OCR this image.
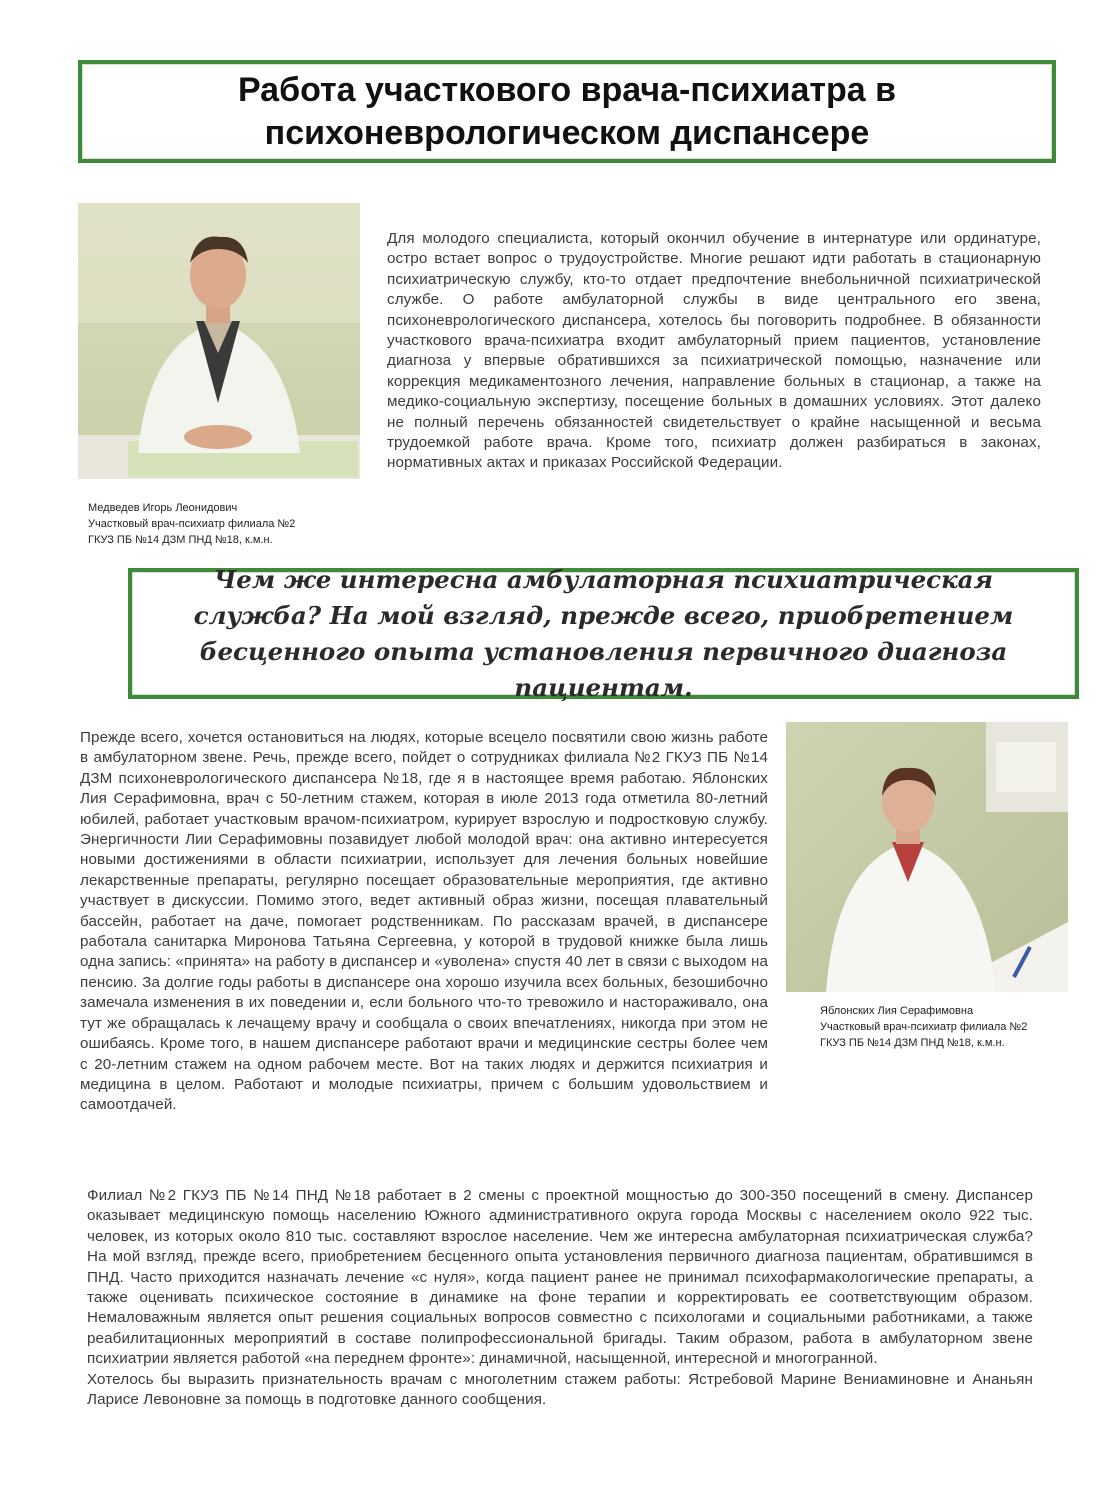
Работа участкового врача-психиатра в
психоневрологическом диспансере
Медведев Игорь Леонидович
Участковый врач-психиатр филиала №2
ГКУЗ ПБ №14 ДЗМ ПНД №18, к.м.н.
Для молодого специалиста, который окончил обучение в интернатуре или ординатуре, остро встает вопрос о трудоустройстве. Многие решают идти работать в стационарную психиатрическую службу, кто-то отдает предпочтение внебольничной психиатрической службе. О работе амбулаторной службы в виде центрального его звена, психоневрологического диспансера, хотелось бы поговорить подробнее. В обязанности участкового врача-психиатра входит амбулаторный прием пациентов, установление диагноза у впервые обратившихся за психиатрической помощью, назначение или коррекция медикаментозного лечения, направление больных в стационар, а также на медико-социальную экспертизу, посещение больных в домашних условиях. Этот далеко не полный перечень обязанностей свидетельствует о крайне насыщенной и весьма трудоемкой работе врача. Кроме того, психиатр должен разбираться в законах, нормативных актах и приказах Российской Федерации.

Чем же интересна амбулаторная психиатрическая служба? На мой взгляд, прежде всего, приобретением бесценного опыта установления первичного диагноза пациентам.

Прежде всего, хочется остановиться на людях, которые всецело посвятили свою жизнь работе в амбулаторном звене. Речь, прежде всего, пойдет о сотрудниках филиала №2 ГКУЗ ПБ №14 ДЗМ психоневрологического диспансера №18, где я в настоящее время работаю. Яблонских Лия Серафимовна, врач с 50-летним стажем, которая в июле 2013 года отметила 80-летний юбилей, работает участковым врачом-психиатром, курирует взрослую и подростковую службу. Энергичности Лии Серафимовны позавидует любой молодой врач: она активно интересуется новыми достижениями в области психиатрии, использует для лечения больных новейшие лекарственные препараты, регулярно посещает образовательные мероприятия, где активно участвует в дискуссии. Помимо этого, ведет активный образ жизни, посещая плавательный бассейн, работает на даче, помогает родственникам. По рассказам врачей, в диспансере работала санитарка Миронова Татьяна Сергеевна, у которой в трудовой книжке была лишь одна запись: «принята» на работу в диспансер и «уволена» спустя 40 лет в связи с выходом на пенсию. За долгие годы работы в диспансере она хорошо изучила всех больных, безошибочно замечала изменения в их поведении и, если больного что-то тревожило и настораживало, она тут же обращалась к лечащему врачу и сообщала о своих впечатлениях, никогда при этом не ошибаясь. Кроме того, в нашем диспансере работают врачи и медицинские сестры более чем с 20-летним стажем на одном рабочем месте. Вот на таких людях и держится психиатрия и медицина в целом. Работают и молодые психиатры, причем с большим удовольствием и самоотдачей.
Яблонских Лия Серафимовна
Участковый врач-психиатр филиала №2
ГКУЗ ПБ №14 ДЗМ ПНД №18, к.м.н.
Филиал №2 ГКУЗ ПБ №14 ПНД №18 работает в 2 смены с проектной мощностью до 300-350 посещений в смену. Диспансер оказывает медицинскую помощь населению Южного административного округа города Москвы с населением около 922 тыс. человек, из которых около 810 тыс. составляют взрослое население. Чем же интересна амбулаторная психиатрическая служба? На мой взгляд, прежде всего, приобретением бесценного опыта установления первичного диагноза пациентам, обратившимся в ПНД. Часто приходится назначать лечение «с нуля», когда пациент ранее не принимал психофармакологические препараты, а также оценивать психическое состояние в динамике на фоне терапии и корректировать ее соответствующим образом. Немаловажным является опыт решения социальных вопросов совместно с психологами и социальными работниками, а также реабилитационных мероприятий в составе полипрофессиональной бригады. Таким образом, работа в амбулаторном звене психиатрии является работой «на переднем фронте»: динамичной, насыщенной, интересной и многогранной.
Хотелось бы выразить признательность врачам с многолетним стажем работы: Ястребовой Марине Вениаминовне и Ананьян Ларисе Левоновне за помощь в подготовке данного сообщения.
